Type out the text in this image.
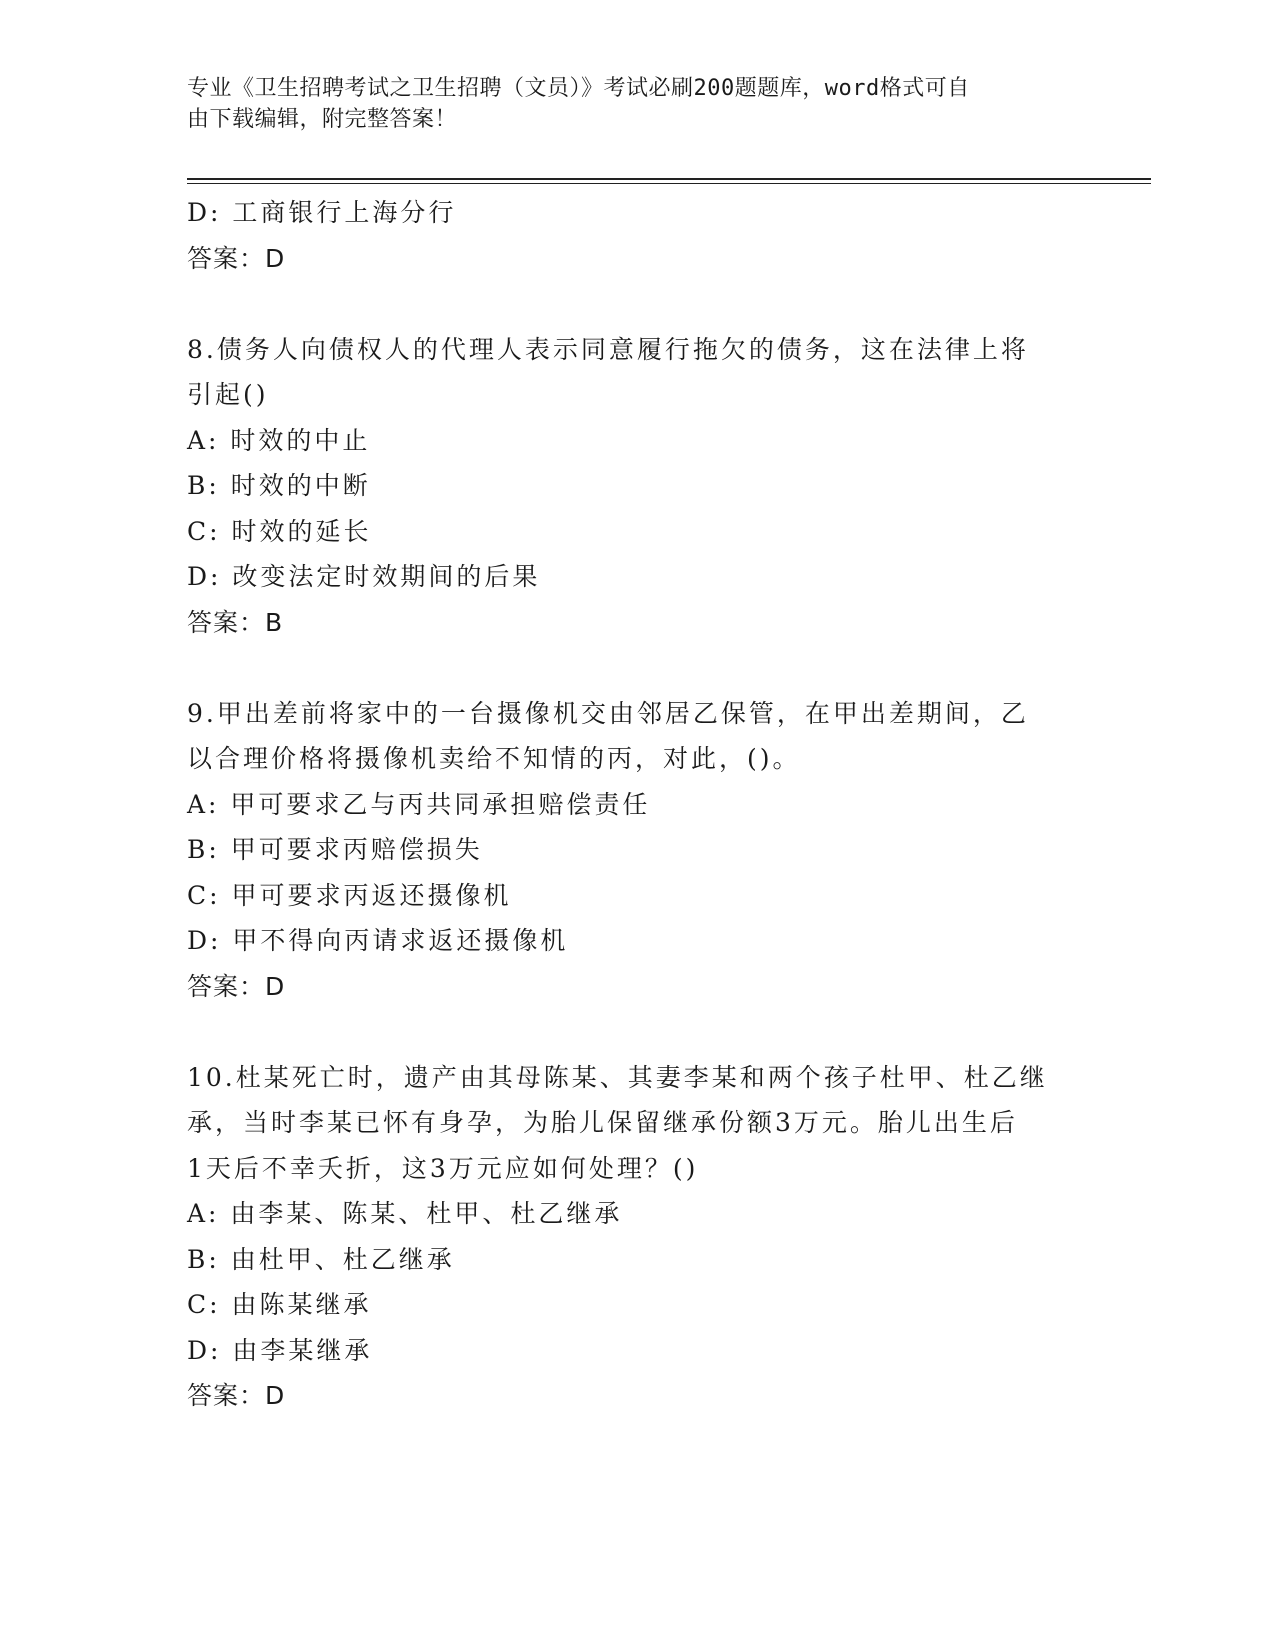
专业《卫生招聘考试之卫生招聘（文员）》考试必刷200题题库，word格式可自
由下载编辑，附完整答案！
D: 工商银行上海分行
答案：D
8.债务人向债权人的代理人表示同意履行拖欠的债务，这在法律上将
引起()
A: 时效的中止
B: 时效的中断
C: 时效的延长
D: 改变法定时效期间的后果
答案：B
9.甲出差前将家中的一台摄像机交由邻居乙保管，在甲出差期间，乙
以合理价格将摄像机卖给不知情的丙，对此，()。
A: 甲可要求乙与丙共同承担赔偿责任
B: 甲可要求丙赔偿损失
C: 甲可要求丙返还摄像机
D: 甲不得向丙请求返还摄像机
答案：D
10.杜某死亡时，遗产由其母陈某、其妻李某和两个孩子杜甲、杜乙继
承，当时李某已怀有身孕，为胎儿保留继承份额3万元。胎儿出生后
1天后不幸夭折，这3万元应如何处理？()
A: 由李某、陈某、杜甲、杜乙继承
B: 由杜甲、杜乙继承
C: 由陈某继承
D: 由李某继承
答案：D
